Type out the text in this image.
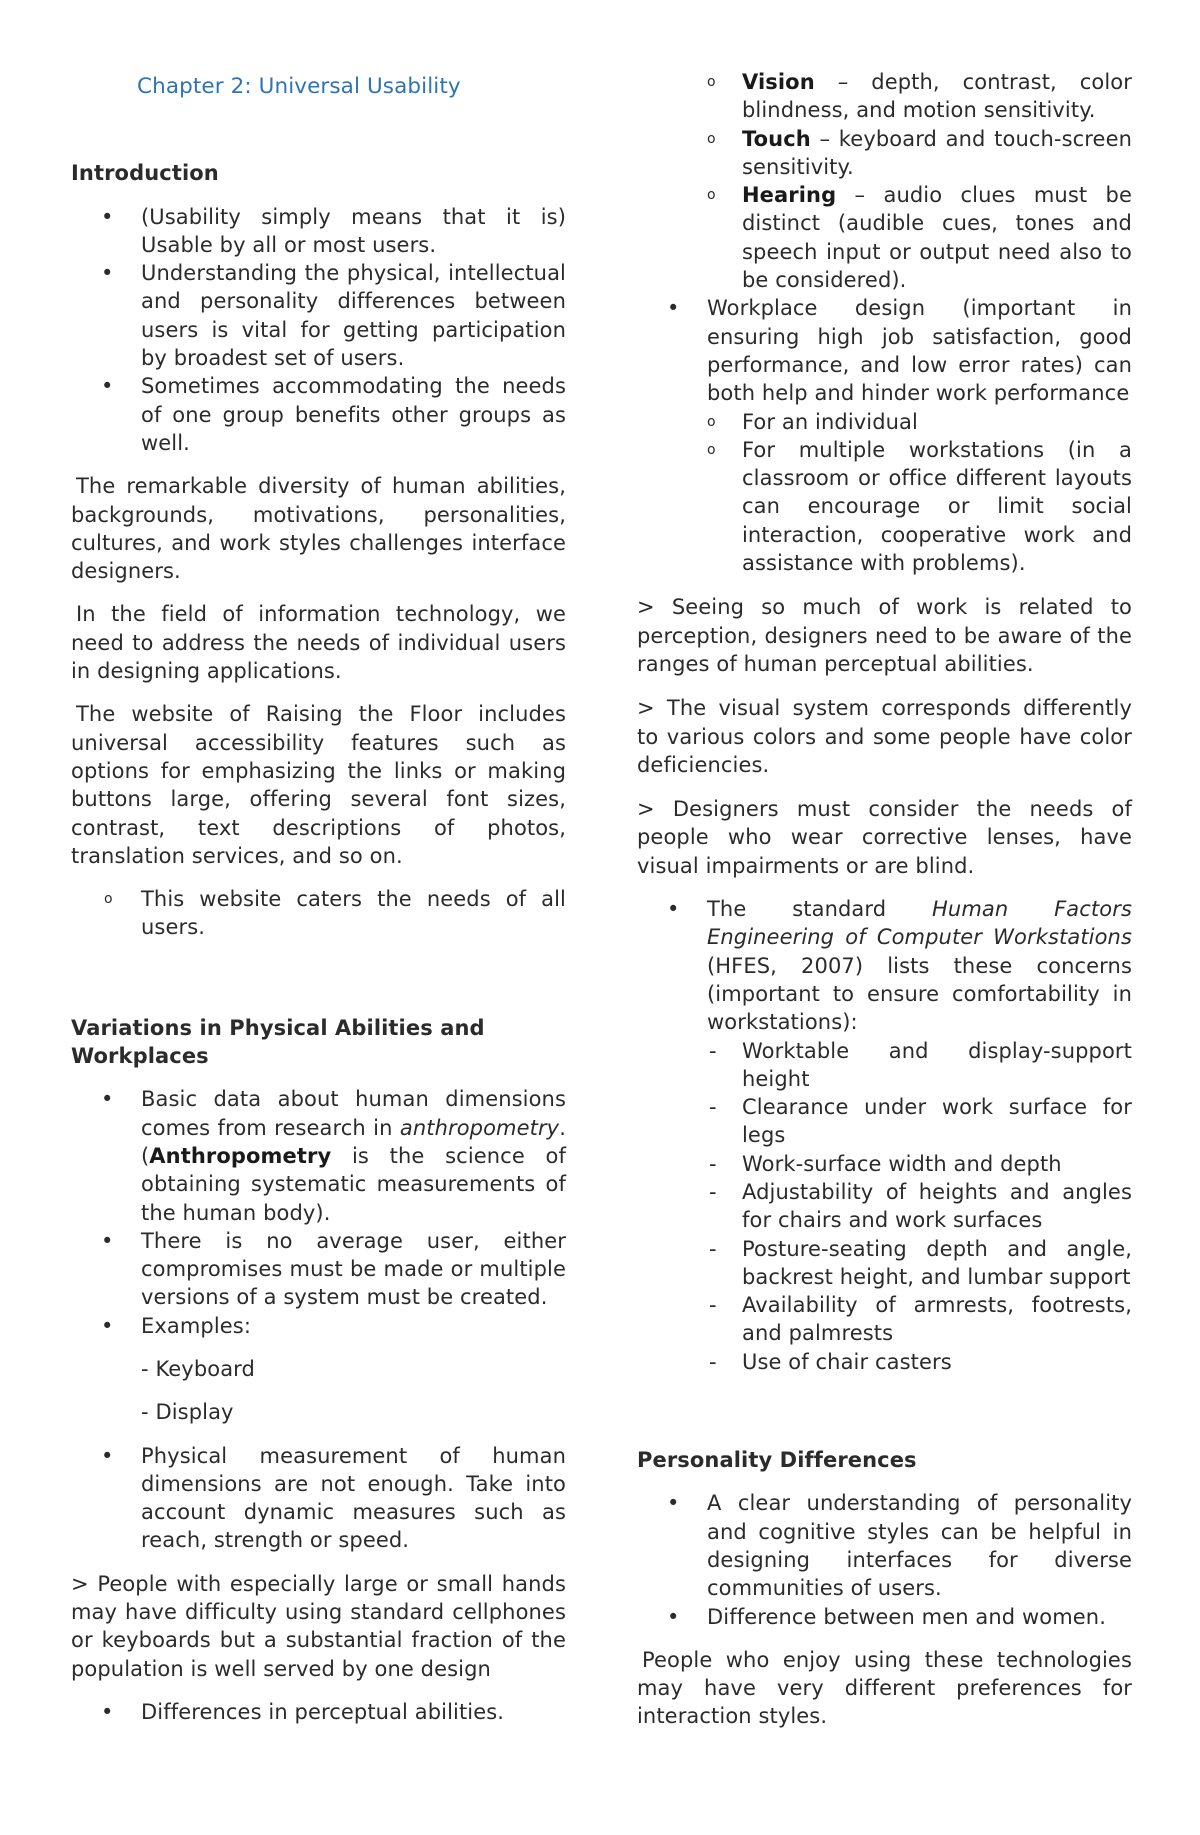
Chapter 2: Universal Usability

Introduction
•	(Usability simply means that it is) Usable by all or most users.
•	Understanding the physical, intellectual and personality differences between users is vital for getting participation by broadest set of users.
•	Sometimes accommodating the needs of one group benefits other groups as well.

The remarkable diversity of human abilities, backgrounds, motivations, personalities, cultures, and work styles challenges interface designers.

In the field of information technology, we need to address the needs of individual users in designing applications.

The website of Raising the Floor includes universal accessibility features such as options for emphasizing the links or making buttons large, offering several font sizes, contrast, text descriptions of photos, translation services, and so on.

o	This website caters the needs of all users.
Variations in Physical Abilities and Workplaces
•	Basic data about human dimensions comes from research in anthropometry. (Anthropometry is the science of obtaining systematic measurements of the human body).
•	There is no average user, either compromises must be made or multiple versions of a system must be created.
•	Examples:

- Keyboard

- Display

•	Physical measurement of human dimensions are not enough. Take into account dynamic measures such as reach, strength or speed.

> People with especially large or small hands may have difficulty using standard cellphones or keyboards but a substantial fraction of the population is well served by one design

•	Differences in perceptual abilities.
o	Vision – depth, contrast, color blindness, and motion sensitivity.
o	Touch – keyboard and touch-screen sensitivity.
o	Hearing – audio clues must be distinct (audible cues, tones and speech input or output need also to be considered).
•	Workplace design (important in ensuring high job satisfaction, good performance, and low error rates) can both help and hinder work performance
o	For an individual
o	For multiple workstations (in a classroom or office different layouts can encourage or limit social interaction, cooperative work and assistance with problems).

> Seeing so much of work is related to perception, designers need to be aware of the ranges of human perceptual abilities.

> The visual system corresponds differently to various colors and some people have color deficiencies.

> Designers must consider the needs of people who wear corrective lenses, have visual impairments or are blind.

•	The standard Human Factors Engineering of Computer Workstations (HFES, 2007) lists these concerns (important to ensure comfortability in workstations):
-	Worktable and display-support height
-	Clearance under work surface for legs
-	Work-surface width and depth
-	Adjustability of heights and angles for chairs and work surfaces
-	Posture-seating depth and angle, backrest height, and lumbar support
-	Availability of armrests, footrests, and palmrests
-	Use of chair casters
Personality Differences
•	A clear understanding of personality and cognitive styles can be helpful in designing interfaces for diverse communities of users.
•	Difference between men and women.

People who enjoy using these technologies may have very different preferences for interaction styles.
